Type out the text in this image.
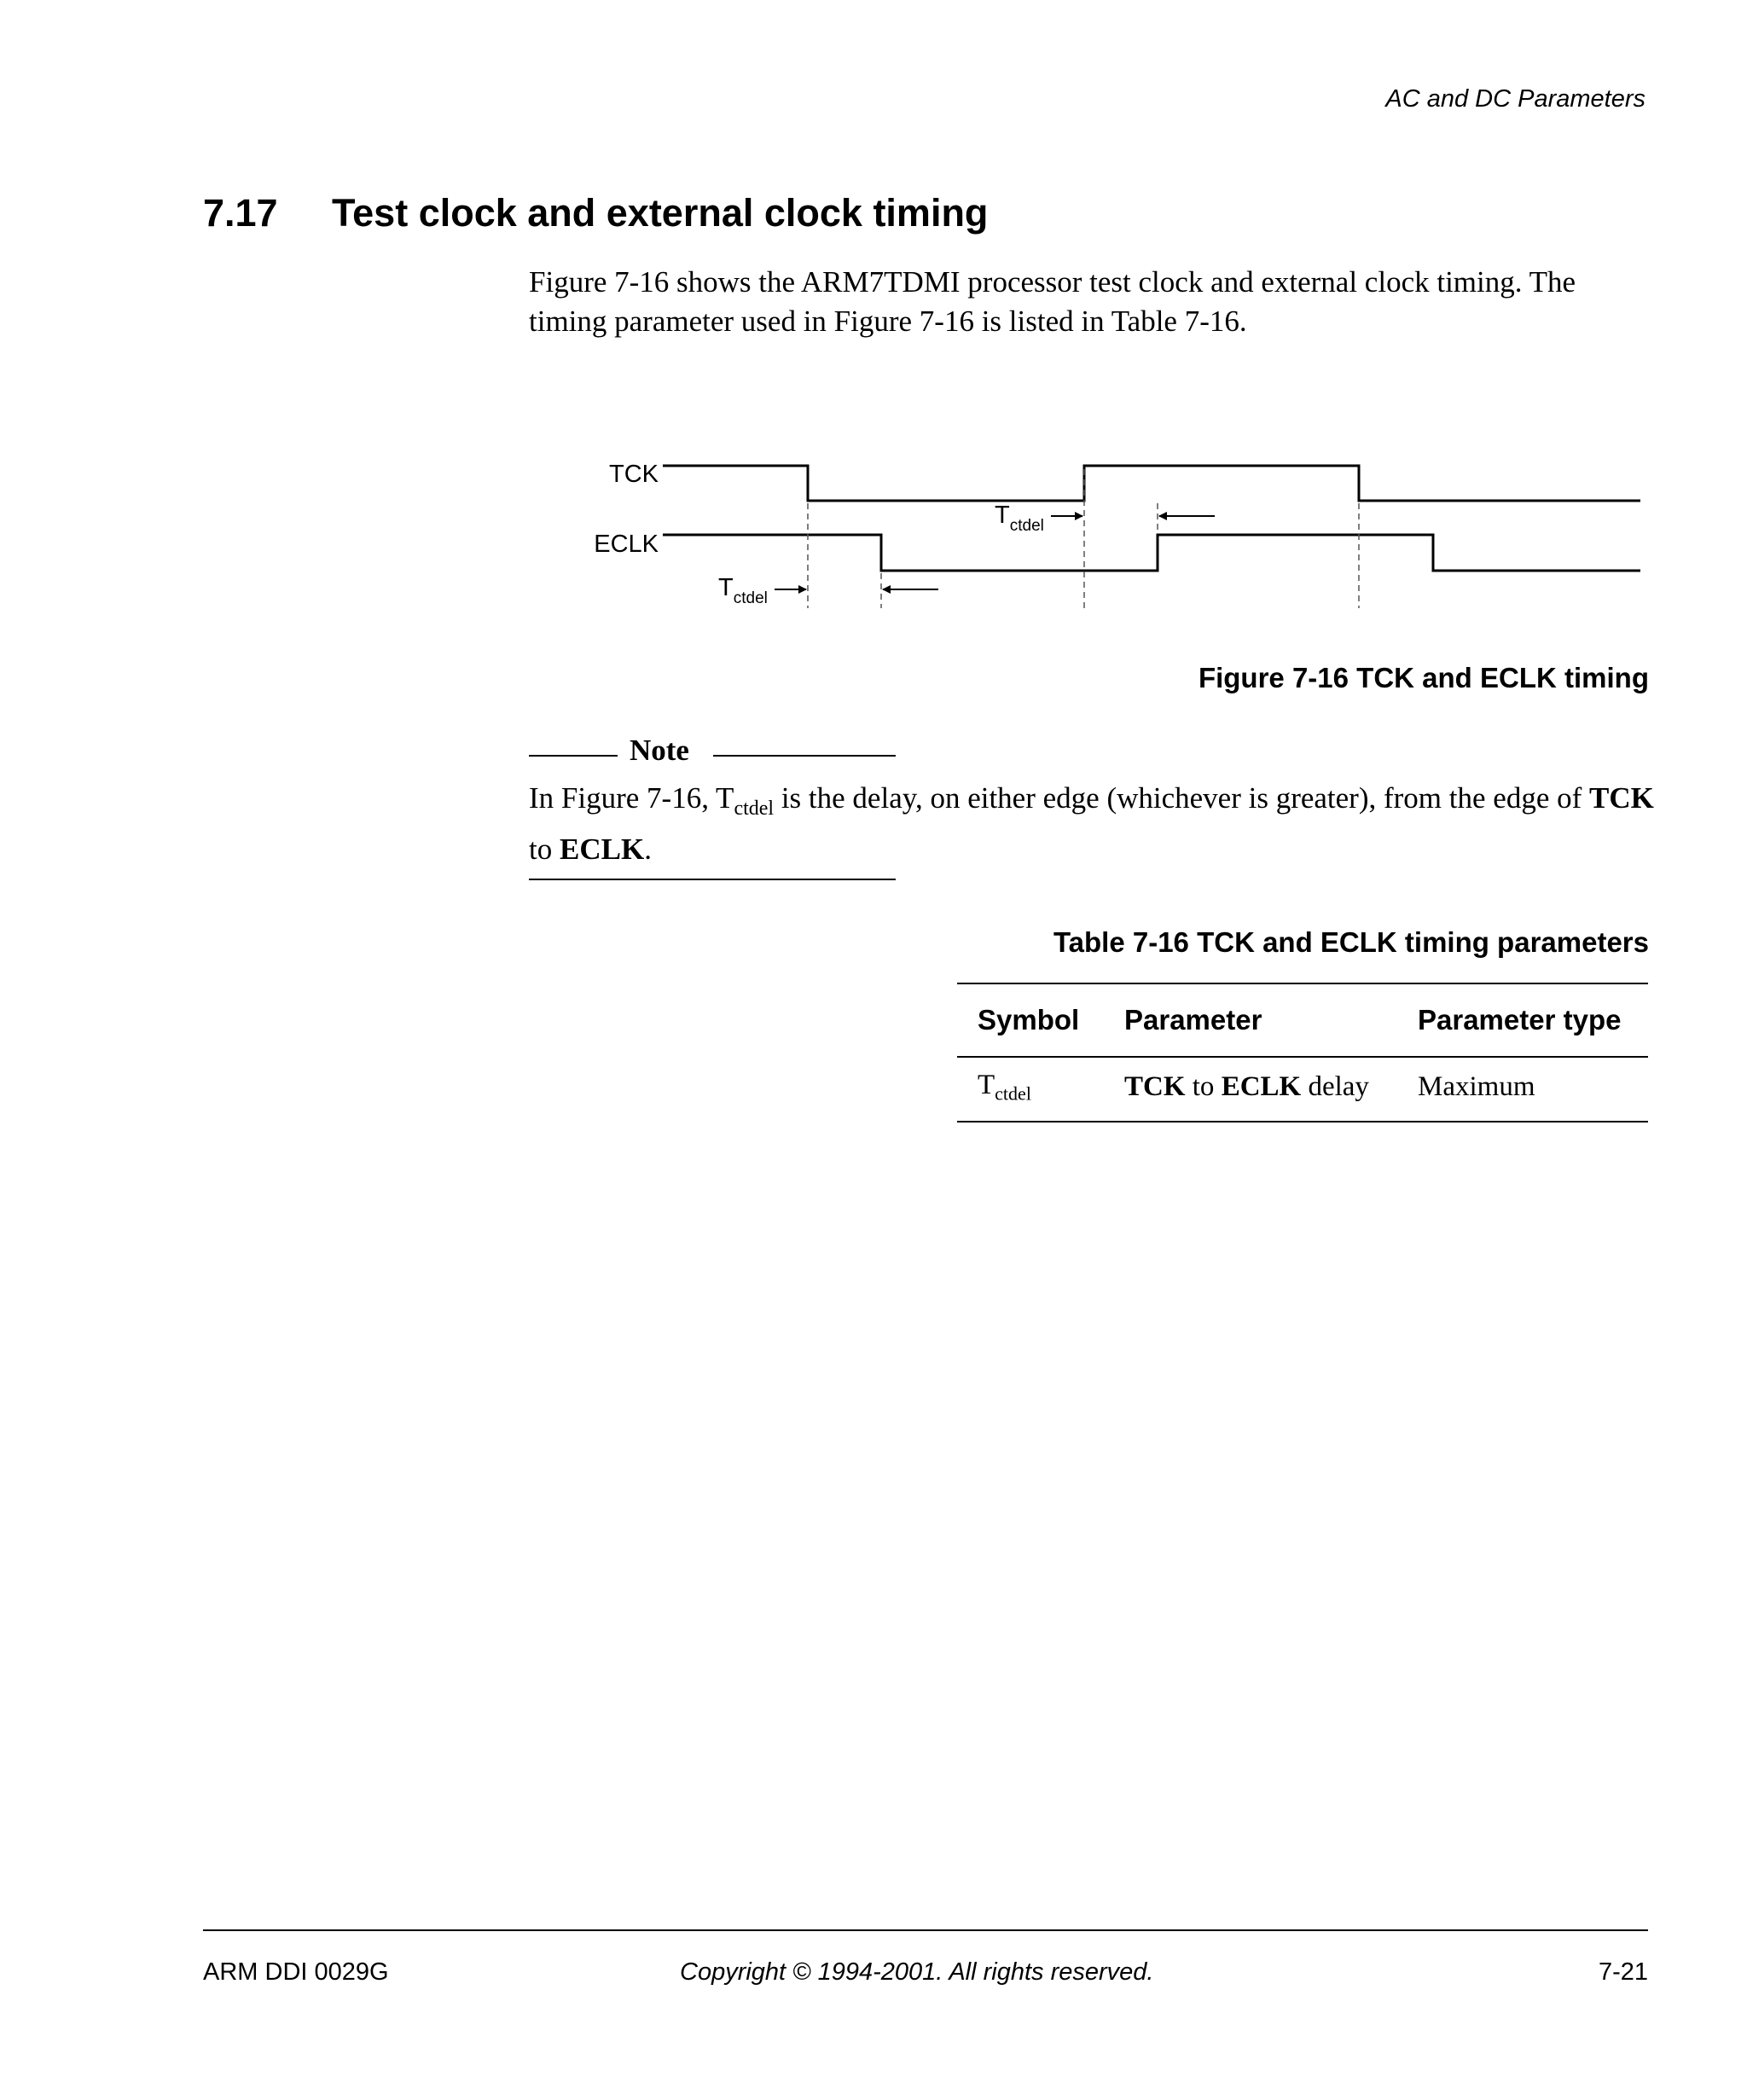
AC and DC Parameters
7.17 Test clock and external clock timing

Figure 7-16 shows the ARM7TDMI processor test clock and external clock timing. The timing parameter used in Figure 7-16 is listed in Table 7-16.

TCK
ECLK
$T_{ctdel}$
$T_{ctdel}$
Figure 7-16 TCK and ECLK timing
Note

In Figure 7-16, $T_{ctdel}$ is the delay, on either edge (whichever is greater), from the edge of TCK to ECLK.

Table 7-16 TCK and ECLK timing parameters
Symbol	Parameter	Parameter type
$T_{ctdel}$	TCK to ECLK delay	Maximum
ARM DDI 0029G	Copyright © 1994-2001. All rights reserved.	7-21
